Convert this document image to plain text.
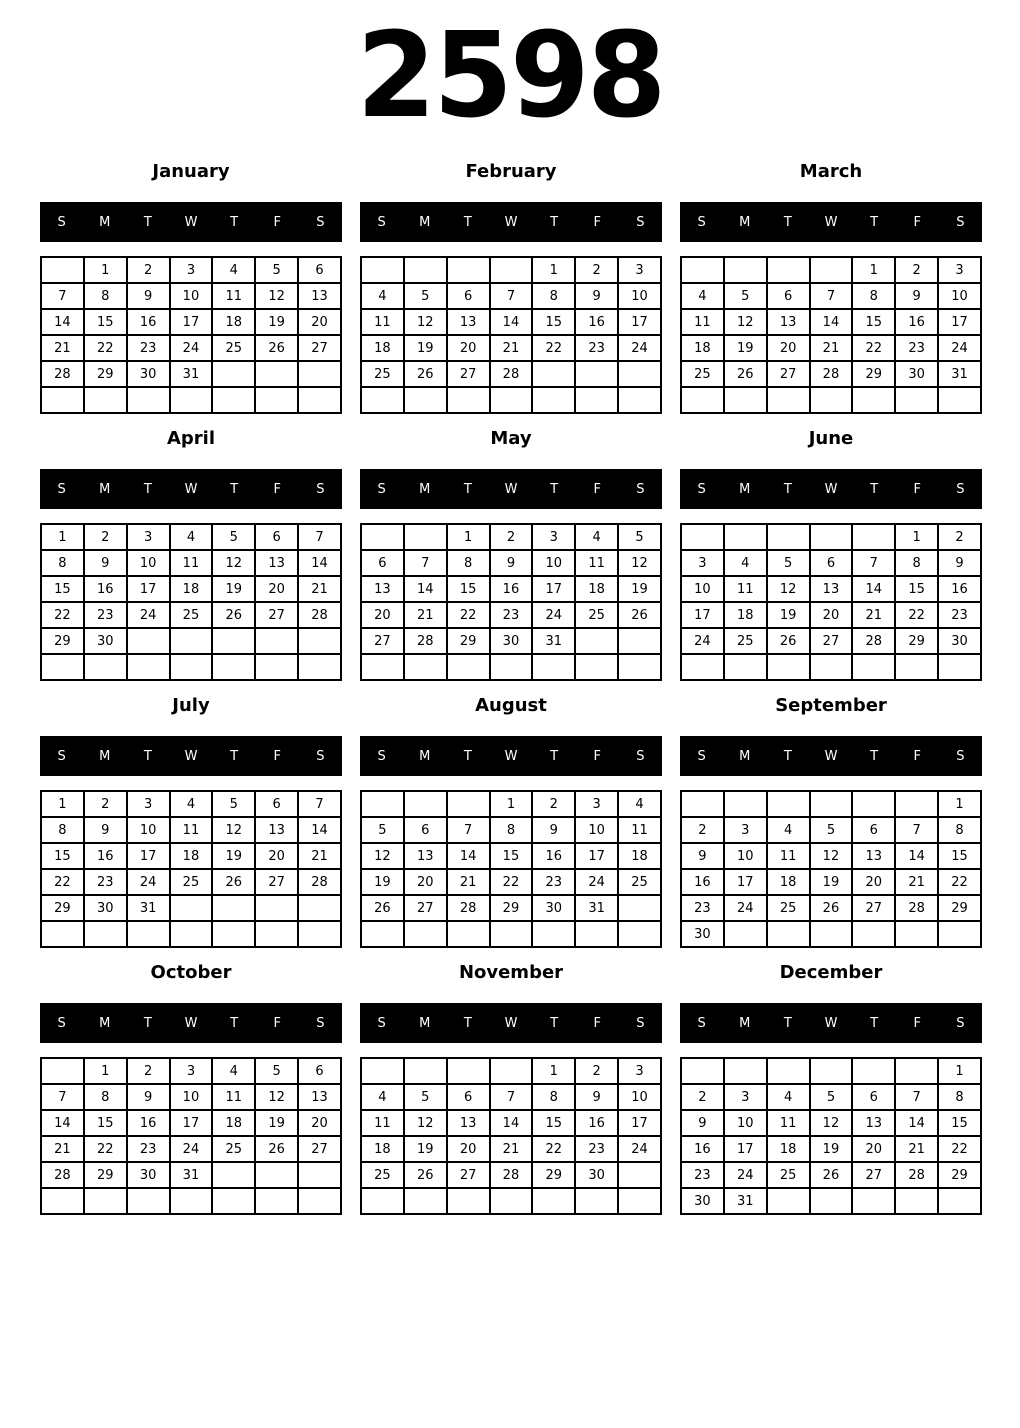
2598
January
S	M	T	W	T	F	S
	1	2	3	4	5	6
7	8	9	10	11	12	13
14	15	16	17	18	19	20
21	22	23	24	25	26	27
28	29	30	31			

February
S	M	T	W	T	F	S
				1	2	3
4	5	6	7	8	9	10
11	12	13	14	15	16	17
18	19	20	21	22	23	24
25	26	27	28			

March
S	M	T	W	T	F	S
				1	2	3
4	5	6	7	8	9	10
11	12	13	14	15	16	17
18	19	20	21	22	23	24
25	26	27	28	29	30	31

April
S	M	T	W	T	F	S
1	2	3	4	5	6	7
8	9	10	11	12	13	14
15	16	17	18	19	20	21
22	23	24	25	26	27	28
29	30					

May
S	M	T	W	T	F	S
		1	2	3	4	5
6	7	8	9	10	11	12
13	14	15	16	17	18	19
20	21	22	23	24	25	26
27	28	29	30	31		

June
S	M	T	W	T	F	S
					1	2
3	4	5	6	7	8	9
10	11	12	13	14	15	16
17	18	19	20	21	22	23
24	25	26	27	28	29	30

July
S	M	T	W	T	F	S
1	2	3	4	5	6	7
8	9	10	11	12	13	14
15	16	17	18	19	20	21
22	23	24	25	26	27	28
29	30	31				

August
S	M	T	W	T	F	S
			1	2	3	4
5	6	7	8	9	10	11
12	13	14	15	16	17	18
19	20	21	22	23	24	25
26	27	28	29	30	31	

September
S	M	T	W	T	F	S
						1
2	3	4	5	6	7	8
9	10	11	12	13	14	15
16	17	18	19	20	21	22
23	24	25	26	27	28	29
30						
October
S	M	T	W	T	F	S
	1	2	3	4	5	6
7	8	9	10	11	12	13
14	15	16	17	18	19	20
21	22	23	24	25	26	27
28	29	30	31			

November
S	M	T	W	T	F	S
				1	2	3
4	5	6	7	8	9	10
11	12	13	14	15	16	17
18	19	20	21	22	23	24
25	26	27	28	29	30	

December
S	M	T	W	T	F	S
						1
2	3	4	5	6	7	8
9	10	11	12	13	14	15
16	17	18	19	20	21	22
23	24	25	26	27	28	29
30	31					
